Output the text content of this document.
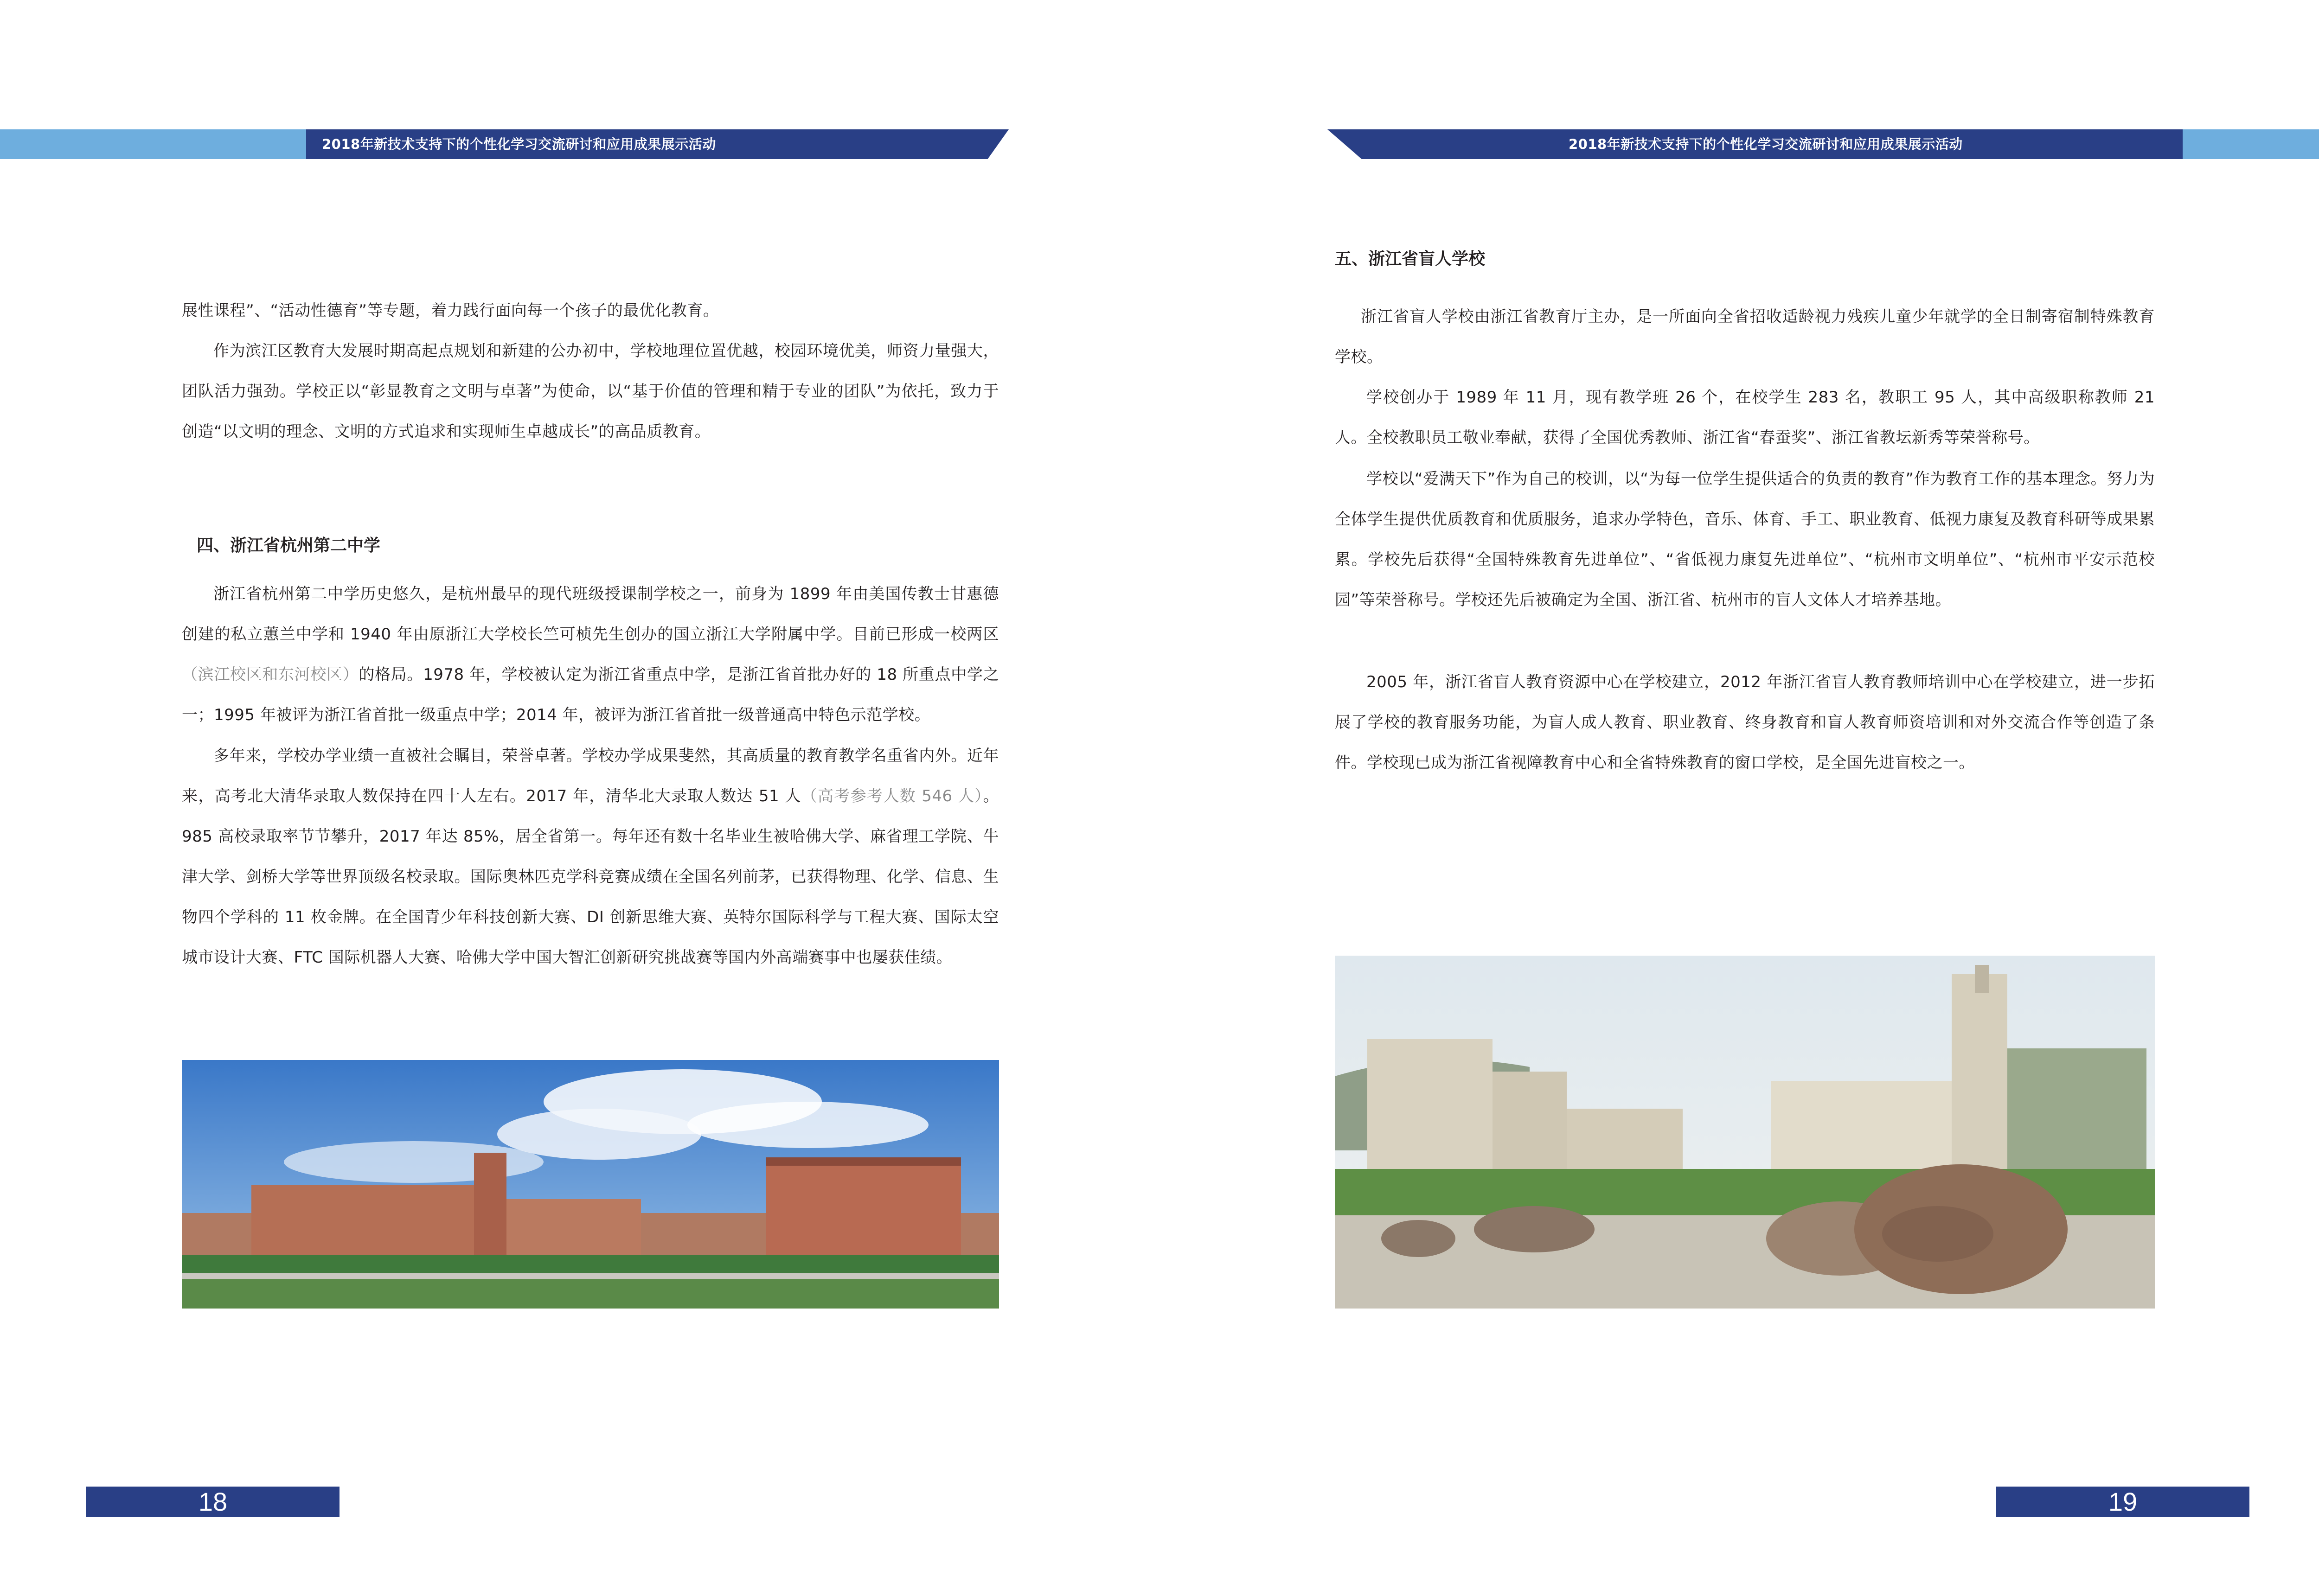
2018年新技术支持下的个性化学习交流研讨和应用成果展示活动

展性课程”、“活动性德育”等专题，着力践行面向每一个孩子的最优化教育。

作为滨江区教育大发展时期高起点规划和新建的公办初中，学校地理位置优越，校园环境优美，师资力量强大，团队活力强劲。学校正以“彰显教育之文明与卓著”为使命，以“基于价值的管理和精于专业的团队”为依托，致力于创造“以文明的理念、文明的方式追求和实现师生卓越成长”的高品质教育。

四、浙江省杭州第二中学

浙江省杭州第二中学历史悠久，是杭州最早的现代班级授课制学校之一，前身为 1899 年由美国传教士甘惠德创建的私立蕙兰中学和 1940 年由原浙江大学校长竺可桢先生创办的国立浙江大学附属中学。目前已形成一校两区（滨江校区和东河校区）的格局。1978 年，学校被认定为浙江省重点中学，是浙江省首批办好的 18 所重点中学之一；1995 年被评为浙江省首批一级重点中学；2014 年，被评为浙江省首批一级普通高中特色示范学校。

多年来，学校办学业绩一直被社会瞩目，荣誉卓著。学校办学成果斐然，其高质量的教育教学名重省内外。近年来，高考北大清华录取人数保持在四十人左右。2017 年，清华北大录取人数达 51 人（高考参考人数 546 人）。985 高校录取率节节攀升，2017 年达 85%，居全省第一。每年还有数十名毕业生被哈佛大学、麻省理工学院、牛津大学、剑桥大学等世界顶级名校录取。国际奥林匹克学科竞赛成绩在全国名列前茅，已获得物理、化学、信息、生物四个学科的 11 枚金牌。在全国青少年科技创新大赛、DI 创新思维大赛、英特尔国际科学与工程大赛、国际太空城市设计大赛、FTC 国际机器人大赛、哈佛大学中国大智汇创新研究挑战赛等国内外高端赛事中也屡获佳绩。

18
2018年新技术支持下的个性化学习交流研讨和应用成果展示活动
五、浙江省盲人学校

浙江省盲人学校由浙江省教育厅主办，是一所面向全省招收适龄视力残疾儿童少年就学的全日制寄宿制特殊教育学校。

学校创办于 1989 年 11 月，现有教学班 26 个，在校学生 283 名，教职工 95 人，其中高级职称教师 21 人。全校教职员工敬业奉献，获得了全国优秀教师、浙江省“春蚕奖”、浙江省教坛新秀等荣誉称号。

学校以“爱满天下”作为自己的校训，以“为每一位学生提供适合的负责的教育”作为教育工作的基本理念。努力为全体学生提供优质教育和优质服务，追求办学特色，音乐、体育、手工、职业教育、低视力康复及教育科研等成果累累。学校先后获得“全国特殊教育先进单位”、“省低视力康复先进单位”、“杭州市文明单位”、“杭州市平安示范校园”等荣誉称号。学校还先后被确定为全国、浙江省、杭州市的盲人文体人才培养基地。

2005 年，浙江省盲人教育资源中心在学校建立，2012 年浙江省盲人教育教师培训中心在学校建立，进一步拓展了学校的教育服务功能，为盲人成人教育、职业教育、终身教育和盲人教育师资培训和对外交流合作等创造了条件。学校现已成为浙江省视障教育中心和全省特殊教育的窗口学校，是全国先进盲校之一。

19
